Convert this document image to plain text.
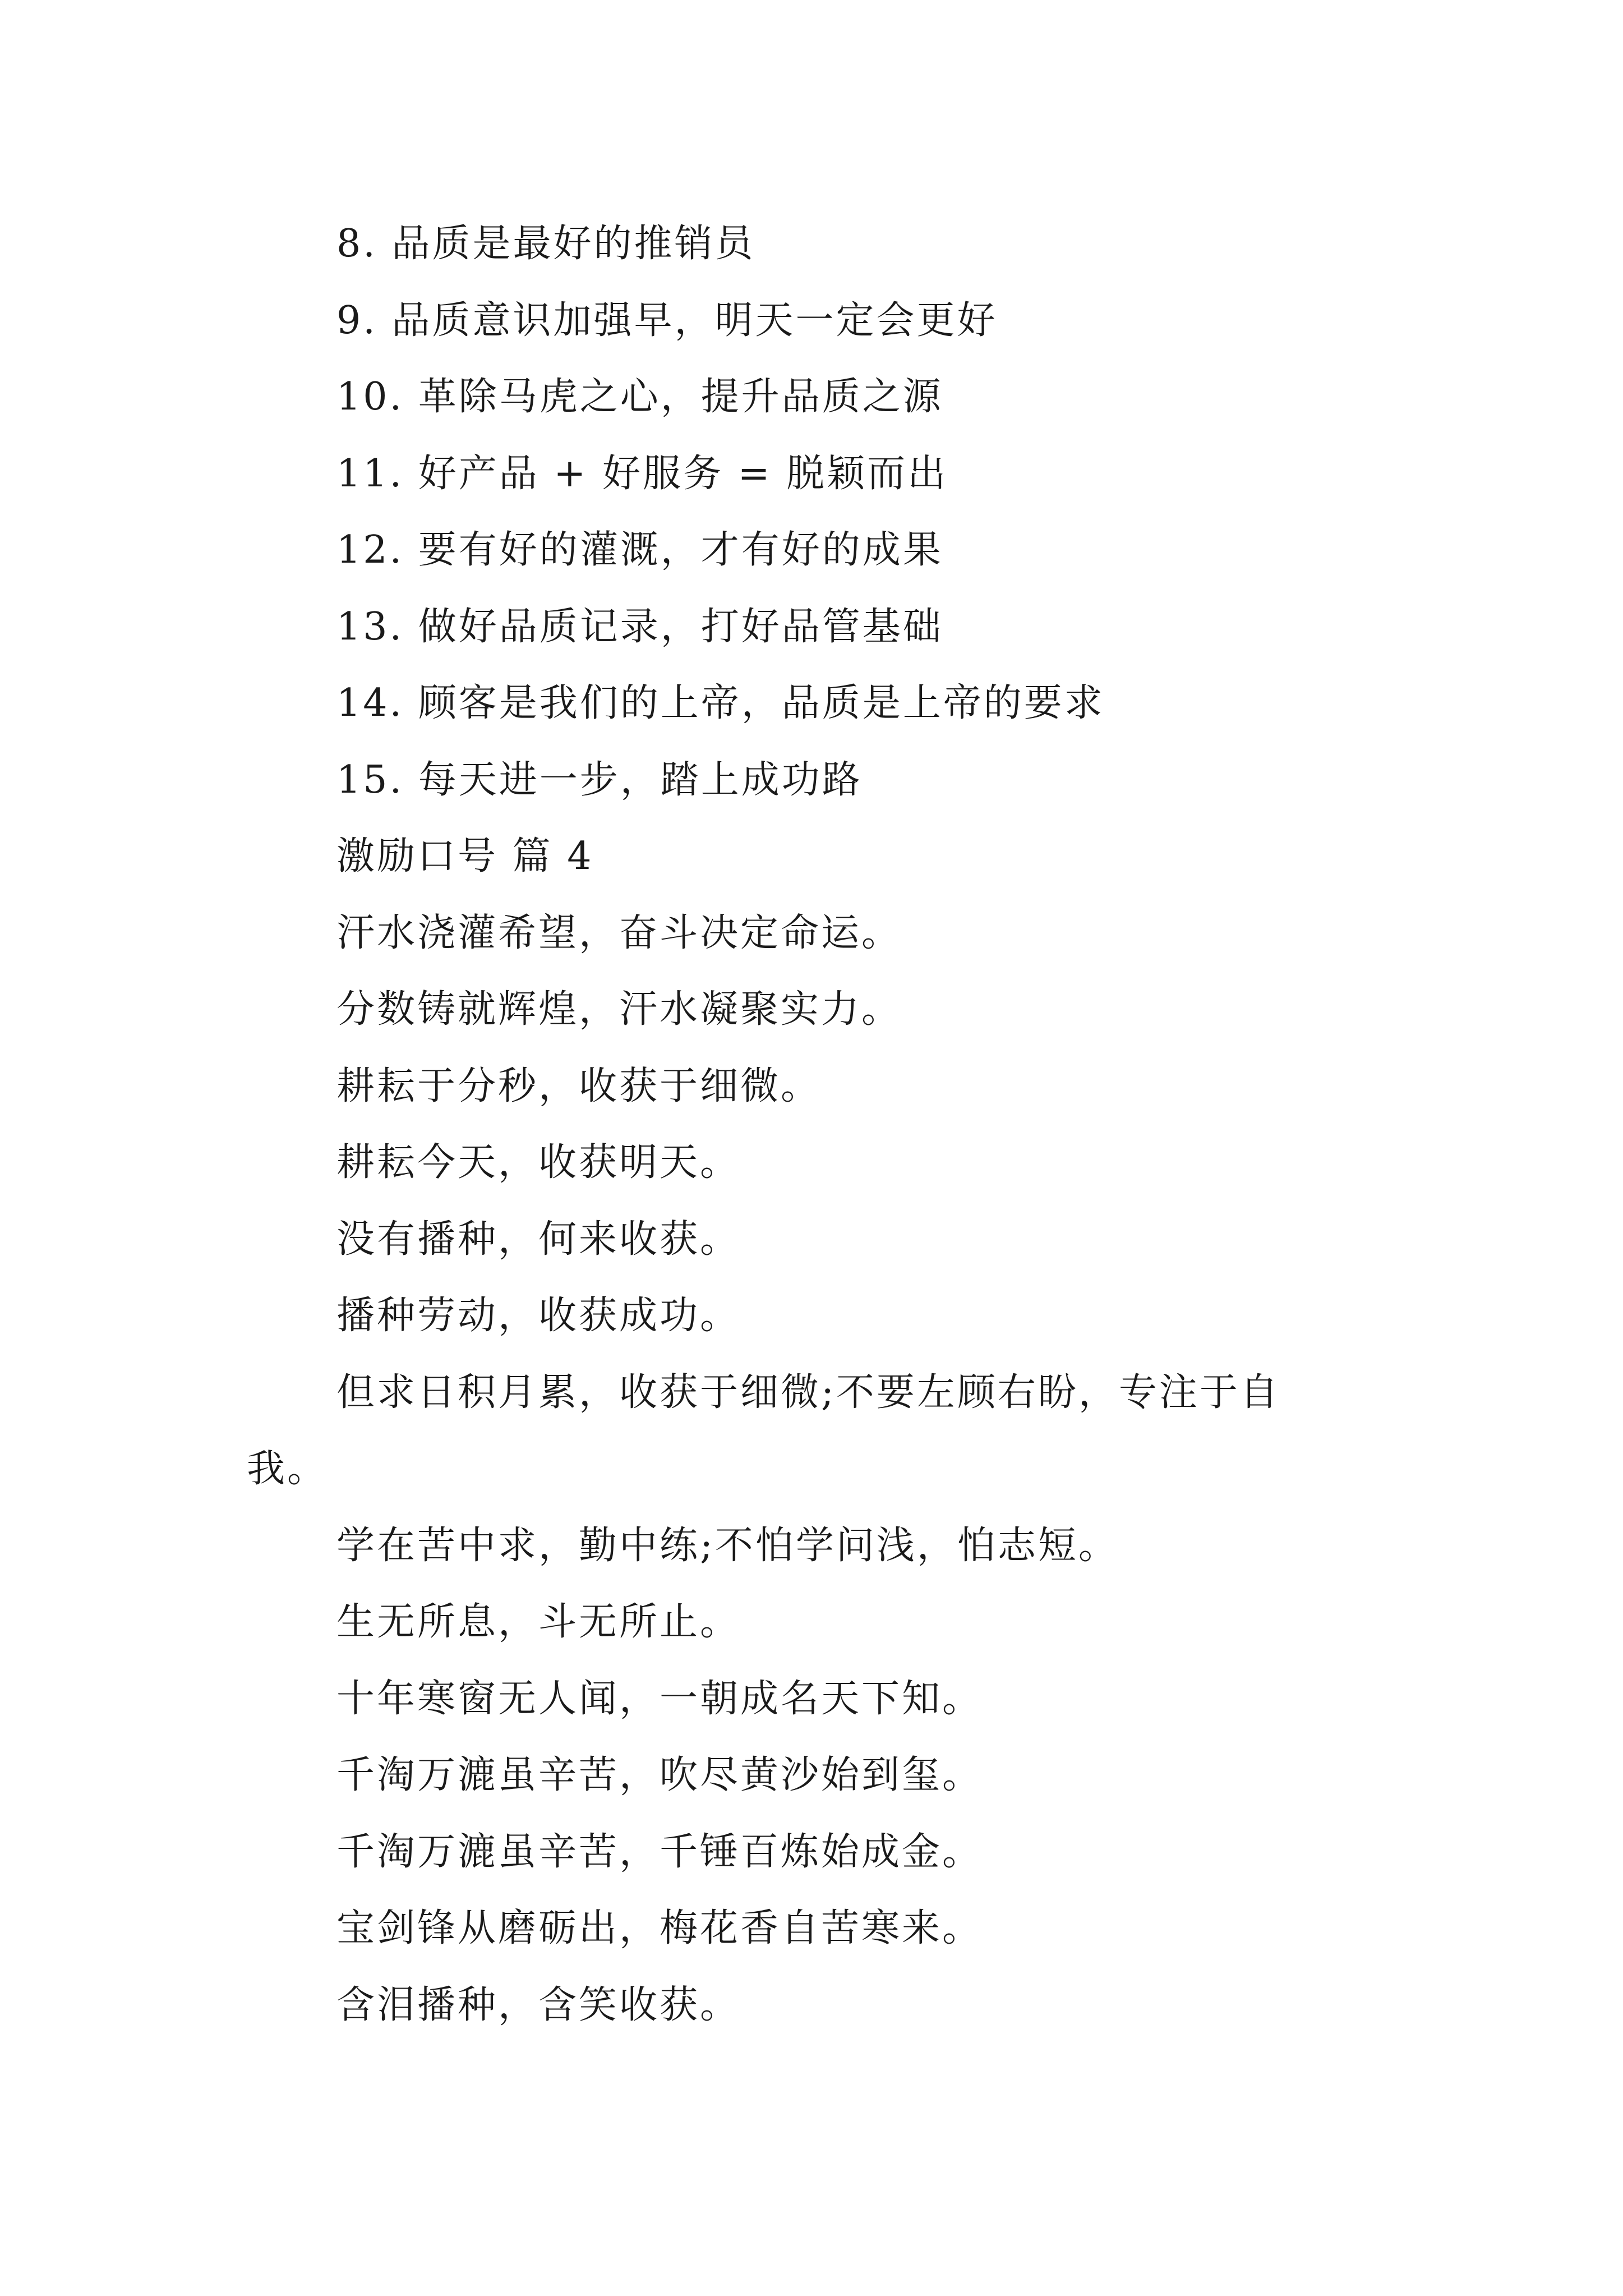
8. 品质是最好的推销员
9. 品质意识加强早，明天一定会更好
10. 革除马虎之心，提升品质之源
11. 好产品 + 好服务 = 脱颖而出
12. 要有好的灌溉，才有好的成果
13. 做好品质记录，打好品管基础
14. 顾客是我们的上帝，品质是上帝的要求
15. 每天进一步，踏上成功路
激励口号 篇 4
汗水浇灌希望，奋斗决定命运。
分数铸就辉煌，汗水凝聚实力。
耕耘于分秒，收获于细微。
耕耘今天，收获明天。
没有播种，何来收获。
播种劳动，收获成功。
但求日积月累，收获于细微;不要左顾右盼，专注于自
我。
学在苦中求，勤中练;不怕学问浅，怕志短。
生无所息，斗无所止。
十年寒窗无人闻，一朝成名天下知。
千淘万漉虽辛苦，吹尽黄沙始到玺。
千淘万漉虽辛苦，千锤百炼始成金。
宝剑锋从磨砺出，梅花香自苦寒来。
含泪播种，含笑收获。
